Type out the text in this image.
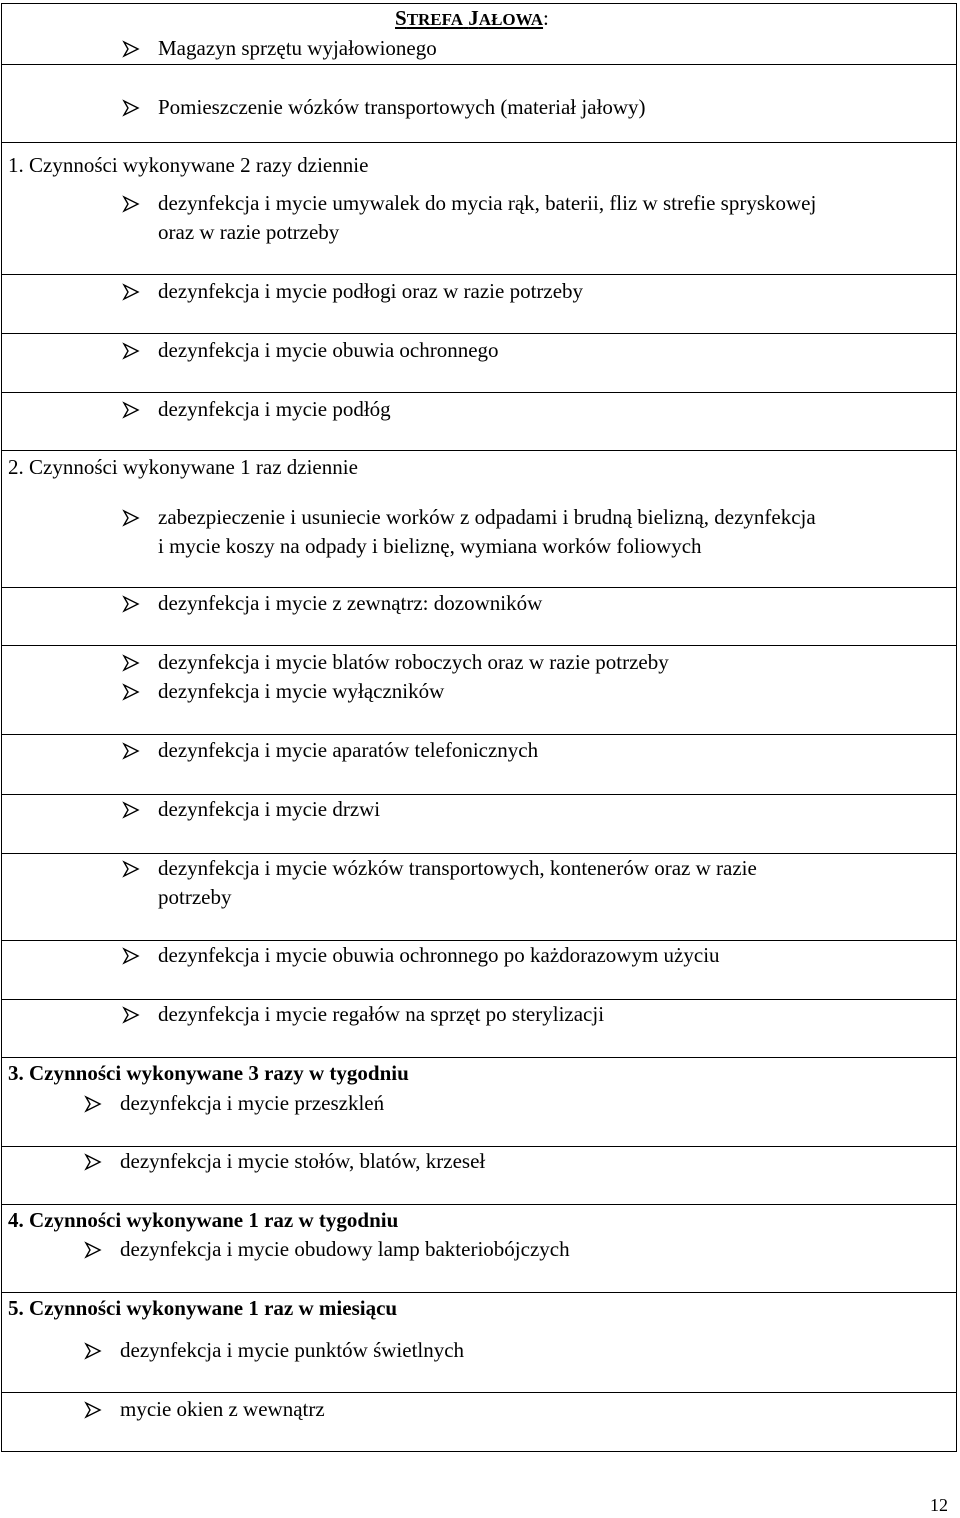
STREFA JAŁOWA:
Magazyn sprzętu wyjałowionego
Pomieszczenie wózków transportowych (materiał jałowy)
1. Czynności wykonywane 2 razy dziennie
dezynfekcja i mycie umywalek do mycia rąk, baterii, fliz w strefie spryskowej
oraz w razie potrzeby
dezynfekcja i mycie podłogi oraz w razie potrzeby
dezynfekcja i mycie obuwia ochronnego
dezynfekcja i mycie podłóg
2. Czynności wykonywane 1 raz dziennie
zabezpieczenie i usuniecie worków z odpadami i brudną bielizną, dezynfekcja
i mycie koszy na odpady i bieliznę, wymiana worków foliowych
dezynfekcja i mycie z zewnątrz: dozowników
dezynfekcja i mycie blatów roboczych oraz w razie potrzeby
dezynfekcja i mycie wyłączników
dezynfekcja i mycie aparatów telefonicznych
dezynfekcja i mycie drzwi
dezynfekcja i mycie wózków transportowych, kontenerów oraz w razie
potrzeby
dezynfekcja i mycie obuwia ochronnego po każdorazowym użyciu
dezynfekcja i mycie regałów na sprzęt po sterylizacji
3. Czynności wykonywane 3 razy w tygodniu
dezynfekcja i mycie przeszkleń
dezynfekcja i mycie stołów, blatów, krzeseł
4. Czynności wykonywane 1 raz w tygodniu
dezynfekcja i mycie obudowy lamp bakteriobójczych
5. Czynności wykonywane 1 raz w miesiącu
dezynfekcja i mycie punktów świetlnych
mycie okien z wewnątrz
12
